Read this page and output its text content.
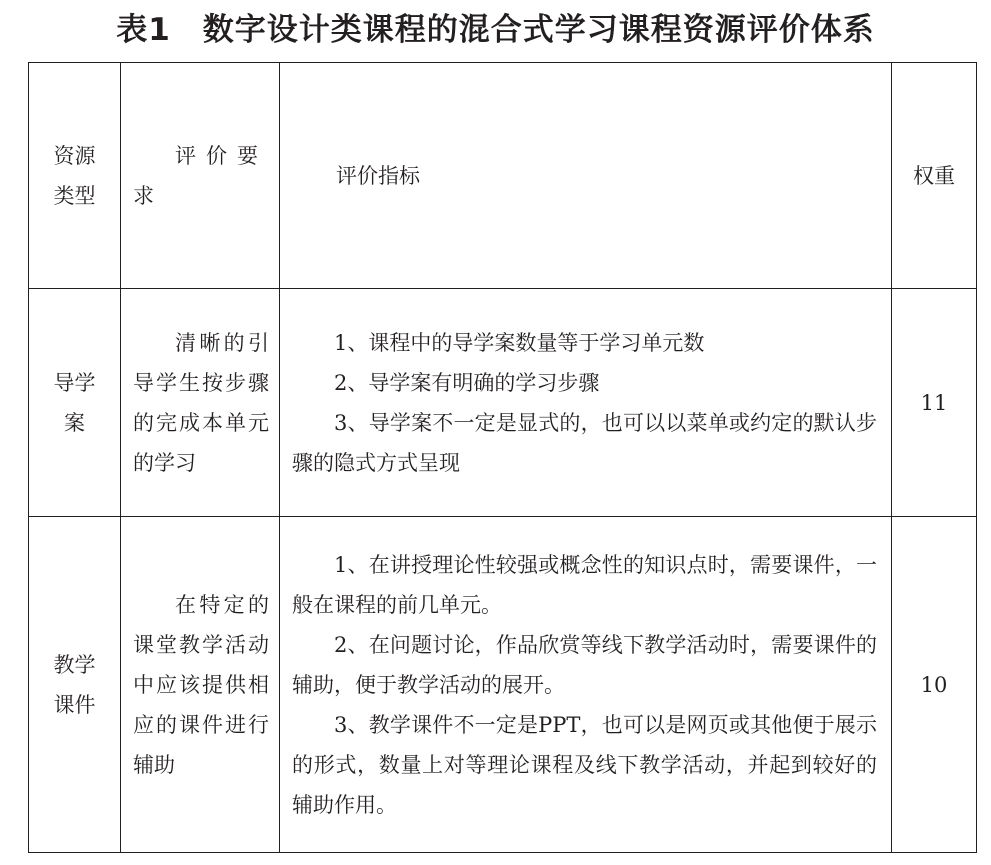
表1　数字设计类课程的混合式学习课程资源评价体系
资源类型	评价要求	评价指标	权重
导学案	清晰的引导学生按步骤的完成本单元的学习	1、课程中的导学案数量等于学习单元数
2、导学案有明确的学习步骤
3、导学案不一定是显式的，也可以以菜单或约定的默认步骤的隐式方式呈现	11
教学课件	在特定的课堂教学活动中应该提供相应的课件进行辅助	1、在讲授理论性较强或概念性的知识点时，需要课件，一般在课程的前几单元。
2、在问题讨论，作品欣赏等线下教学活动时，需要课件的辅助，便于教学活动的展开。
3、教学课件不一定是PPT，也可以是网页或其他便于展示的形式，数量上对等理论课程及线下教学活动，并起到较好的辅助作用。	10
